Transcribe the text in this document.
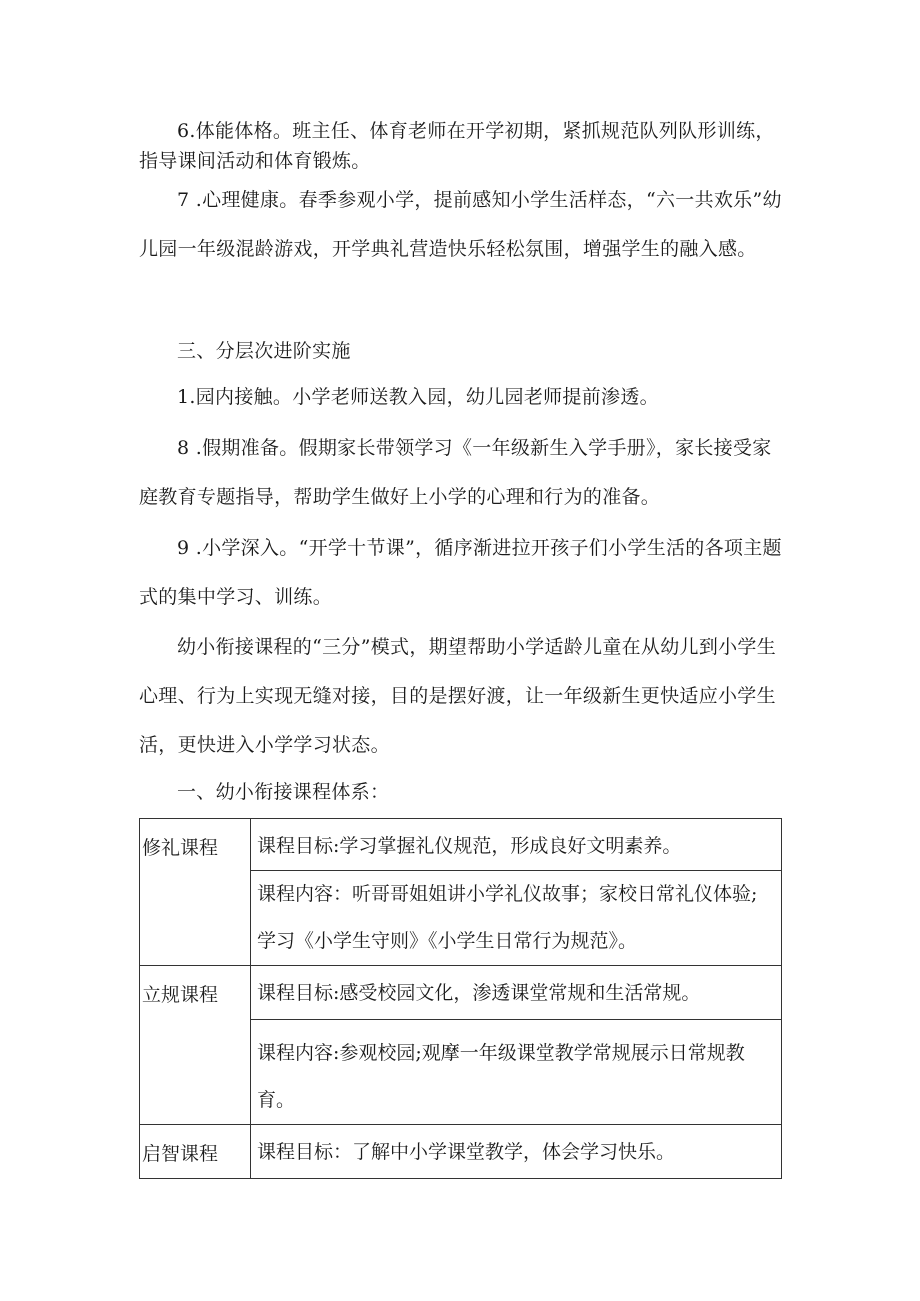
6.体能体格。班主任、体育老师在开学初期，紧抓规范队列队形训练，指导课间活动和体育锻炼。

7 .心理健康。春季参观小学，提前感知小学生活样态，“六一共欢乐”幼儿园一年级混龄游戏，开学典礼营造快乐轻松氛围，增强学生的融入感。

三、分层次进阶实施

1.园内接触。小学老师送教入园，幼儿园老师提前渗透。

8 .假期准备。假期家长带领学习《一年级新生入学手册》，家长接受家庭教育专题指导，帮助学生做好上小学的心理和行为的准备。

9 .小学深入。“开学十节课”，循序渐进拉开孩子们小学生活的各项主题式的集中学习、训练。

幼小衔接课程的“三分”模式，期望帮助小学适龄儿童在从幼儿到小学生心理、行为上实现无缝对接，目的是摆好渡，让一年级新生更快适应小学生活，更快进入小学学习状态。

一、幼小衔接课程体系：

修礼课程	课程目标:学习掌握礼仪规范，形成良好文明素养。

	课程内容：听哥哥姐姐讲小学礼仪故事；家校日常礼仪体验;学习《小学生守则》《小学生日常行为规范》。

立规课程	课程目标:感受校园文化，渗透课堂常规和生活常规。

	课程内容:参观校园;观摩一年级课堂教学常规展示日常规教育。

启智课程	课程目标：了解中小学课堂教学，体会学习快乐。
